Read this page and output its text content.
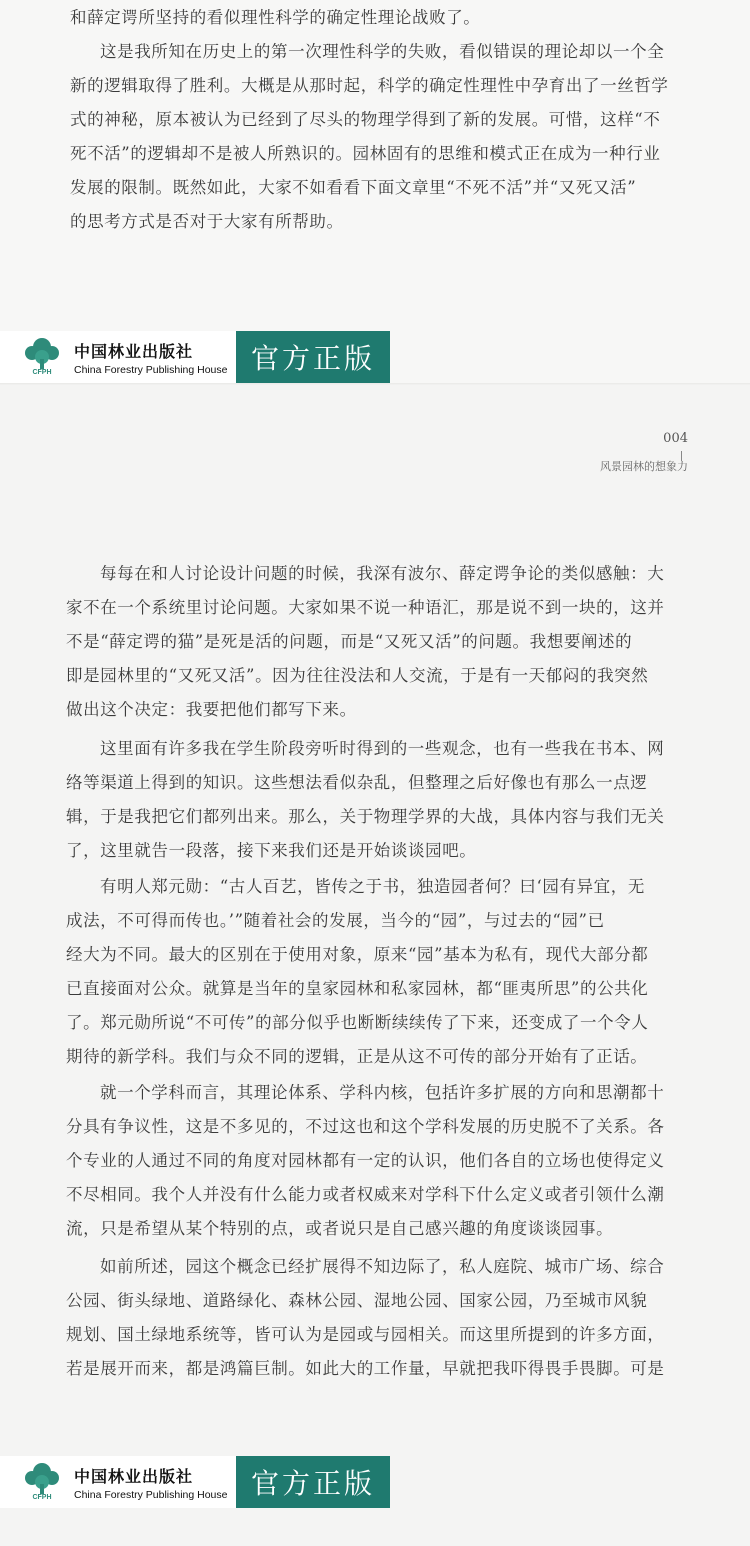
和薛定谔所坚持的看似理性科学的确定性理论战败了。
这是我所知在历史上的第一次理性科学的失败，看似错误的理论却以一个全
新的逻辑取得了胜利。大概是从那时起，科学的确定性理性中孕育出了一丝哲学
式的神秘，原本被认为已经到了尽头的物理学得到了新的发展。可惜，这样“不
死不活”的逻辑却不是被人所熟识的。园林固有的思维和模式正在成为一种行业
发展的限制。既然如此，大家不如看看下面文章里“不死不活”并“又死又活”
的思考方式是否对于大家有所帮助。
CFPH
中国林业出版社
China Forestry Publishing House 官方正版
004
风景园林的想象力
每每在和人讨论设计问题的时候，我深有波尔、薛定谔争论的类似感触：大
家不在一个系统里讨论问题。大家如果不说一种语汇，那是说不到一块的，这并
不是“薛定谔的猫”是死是活的问题，而是“又死又活”的问题。我想要阐述的
即是园林里的“又死又活”。因为往往没法和人交流，于是有一天郁闷的我突然
做出这个决定：我要把他们都写下来。
这里面有许多我在学生阶段旁听时得到的一些观念，也有一些我在书本、网
络等渠道上得到的知识。这些想法看似杂乱，但整理之后好像也有那么一点逻
辑，于是我把它们都列出来。那么，关于物理学界的大战，具体内容与我们无关
了，这里就告一段落，接下来我们还是开始谈谈园吧。
有明人郑元勋：“古人百艺，皆传之于书，独造园者何？曰‘园有异宜，无
成法，不可得而传也。’”随着社会的发展，当今的“园”，与过去的“园”已
经大为不同。最大的区别在于使用对象，原来“园”基本为私有，现代大部分都
已直接面对公众。就算是当年的皇家园林和私家园林，都“匪夷所思”的公共化
了。郑元勋所说“不可传”的部分似乎也断断续续传了下来，还变成了一个令人
期待的新学科。我们与众不同的逻辑，正是从这不可传的部分开始有了正话。
就一个学科而言，其理论体系、学科内核，包括许多扩展的方向和思潮都十
分具有争议性，这是不多见的，不过这也和这个学科发展的历史脱不了关系。各
个专业的人通过不同的角度对园林都有一定的认识，他们各自的立场也使得定义
不尽相同。我个人并没有什么能力或者权威来对学科下什么定义或者引领什么潮
流，只是希望从某个特别的点，或者说只是自己感兴趣的角度谈谈园事。
如前所述，园这个概念已经扩展得不知边际了，私人庭院、城市广场、综合
公园、街头绿地、道路绿化、森林公园、湿地公园、国家公园，乃至城市风貌
规划、国土绿地系统等，皆可认为是园或与园相关。而这里所提到的许多方面，
若是展开而来，都是鸿篇巨制。如此大的工作量，早就把我吓得畏手畏脚。可是
CFPH
中国林业出版社
China Forestry Publishing House 官方正版
